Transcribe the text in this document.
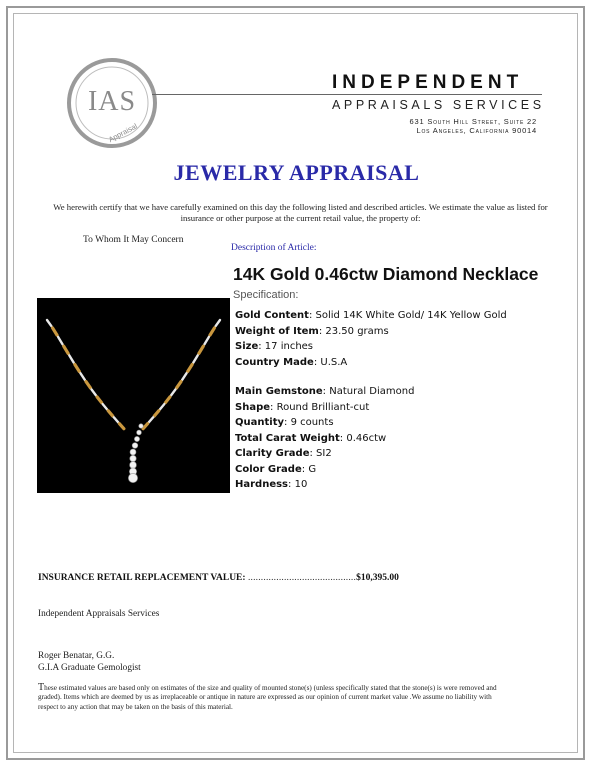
IAS
Appraisal
INDEPENDENT
APPRAISALS SERVICES
631 South Hill Street, Suite 22
Los Angeles, California 90014
JEWELRY APPRAISAL
We herewith certify that we have carefully examined on this day the following listed and described articles. We estimate the value as listed for insurance or other purpose at the current retail value, the property of:
To Whom It May Concern
Description of Article:
14K Gold 0.46ctw Diamond Necklace
Specification:
Gold Content: Solid 14K White Gold/ 14K Yellow Gold
Weight of Item: 23.50 grams
Size: 17 inches
Country Made: U.S.A
Main Gemstone: Natural Diamond
Shape: Round Brilliant-cut
Quantity: 9 counts
Total Carat Weight: 0.46ctw
Clarity Grade: SI2
Color Grade: G
Hardness: 10
INSURANCE RETAIL REPLACEMENT VALUE: ..........................................$10,395.00
Independent Appraisals Services
Roger Benatar, G.G.
G.I.A Graduate Gemologist
These estimated values are based only on estimates of the size and quality of mounted stone(s) (unless specifically stated that the stone(s) is were removed and graded). Items which are deemed by us as irreplaceable or antique in nature are expressed as our opinion of current market value .We assume no liability with respect to any action that may be taken on the basis of this material.
